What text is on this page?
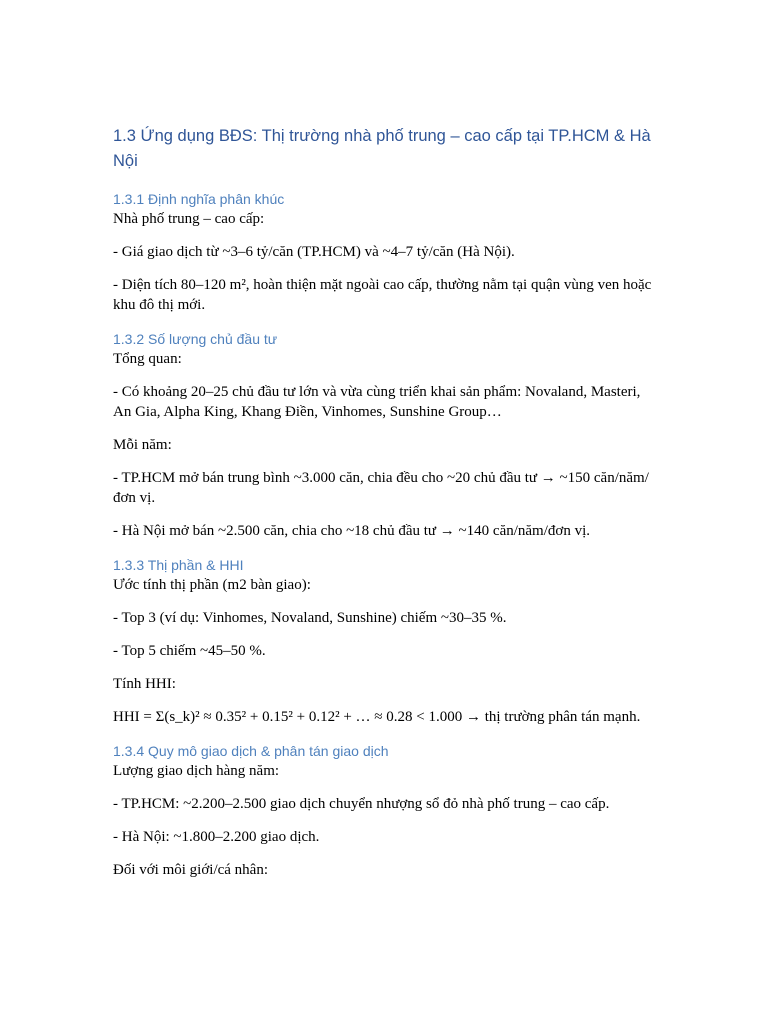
1.3 Ứng dụng BĐS: Thị trường nhà phố trung – cao cấp tại TP.HCM & Hà Nội
1.3.1 Định nghĩa phân khúc

Nhà phố trung – cao cấp:

- Giá giao dịch từ ~3–6 tỷ/căn (TP.HCM) và ~4–7 tỷ/căn (Hà Nội).

- Diện tích 80–120 m², hoàn thiện mặt ngoài cao cấp, thường nằm tại quận vùng ven hoặc khu đô thị mới.

1.3.2 Số lượng chủ đầu tư

Tổng quan:

- Có khoảng 20–25 chủ đầu tư lớn và vừa cùng triển khai sản phẩm: Novaland, Masteri, An Gia, Alpha King, Khang Điền, Vinhomes, Sunshine Group…

Mỗi năm:

- TP.HCM mở bán trung bình ~3.000 căn, chia đều cho ~20 chủ đầu tư → ~150 căn/năm/đơn vị.

- Hà Nội mở bán ~2.500 căn, chia cho ~18 chủ đầu tư → ~140 căn/năm/đơn vị.

1.3.3 Thị phần & HHI

Ước tính thị phần (m2 bàn giao):

- Top 3 (ví dụ: Vinhomes, Novaland, Sunshine) chiếm ~30–35 %.

- Top 5 chiếm ~45–50 %.

Tính HHI:

HHI = Σ(s_k)² ≈ 0.35² + 0.15² + 0.12² + … ≈ 0.28 < 1.000 → thị trường phân tán mạnh.

1.3.4 Quy mô giao dịch & phân tán giao dịch

Lượng giao dịch hàng năm:

- TP.HCM: ~2.200–2.500 giao dịch chuyển nhượng sổ đỏ nhà phố trung – cao cấp.

- Hà Nội: ~1.800–2.200 giao dịch.

Đối với môi giới/cá nhân:
